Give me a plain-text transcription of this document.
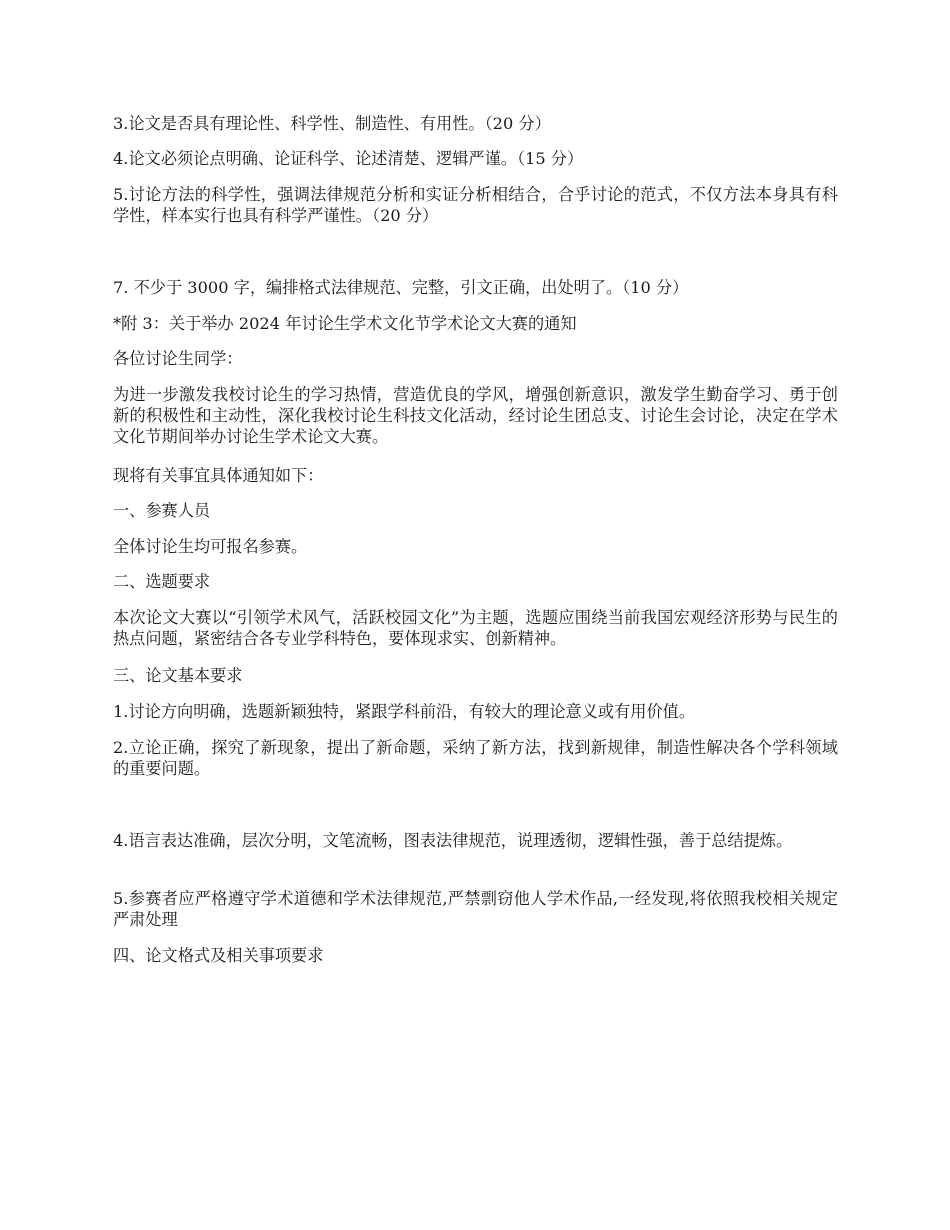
3.论文是否具有理论性、科学性、制造性、有用性。（20 分）

4.论文必须论点明确、论证科学、论述清楚、逻辑严谨。（15 分）

5.讨论方法的科学性，强调法律规范分析和实证分析相结合，合乎讨论的范式，不仅方法本身具有科学性，样本实行也具有科学严谨性。（20 分）

7. 不少于 3000 字，编排格式法律规范、完整，引文正确，出处明了。（10 分）

*附 3：关于举办 2024 年讨论生学术文化节学术论文大赛的通知

各位讨论生同学：

为进一步激发我校讨论生的学习热情，营造优良的学风，增强创新意识，激发学生勤奋学习、勇于创新的积极性和主动性，深化我校讨论生科技文化活动，经讨论生团总支、讨论生会讨论，决定在学术文化节期间举办讨论生学术论文大赛。

现将有关事宜具体通知如下：

一、参赛人员

全体讨论生均可报名参赛。

二、选题要求

本次论文大赛以“引领学术风气，活跃校园文化”为主题，选题应围绕当前我国宏观经济形势与民生的热点问题，紧密结合各专业学科特色，要体现求实、创新精神。

三、论文基本要求

1.讨论方向明确，选题新颖独特，紧跟学科前沿，有较大的理论意义或有用价值。

2.立论正确，探究了新现象，提出了新命题，采纳了新方法，找到新规律，制造性解决各个学科领域的重要问题。

4.语言表达准确，层次分明，文笔流畅，图表法律规范，说理透彻，逻辑性强，善于总结提炼。

5.参赛者应严格遵守学术道德和学术法律规范,严禁剽窃他人学术作品,一经发现,将依照我校相关规定严肃处理

四、论文格式及相关事项要求
